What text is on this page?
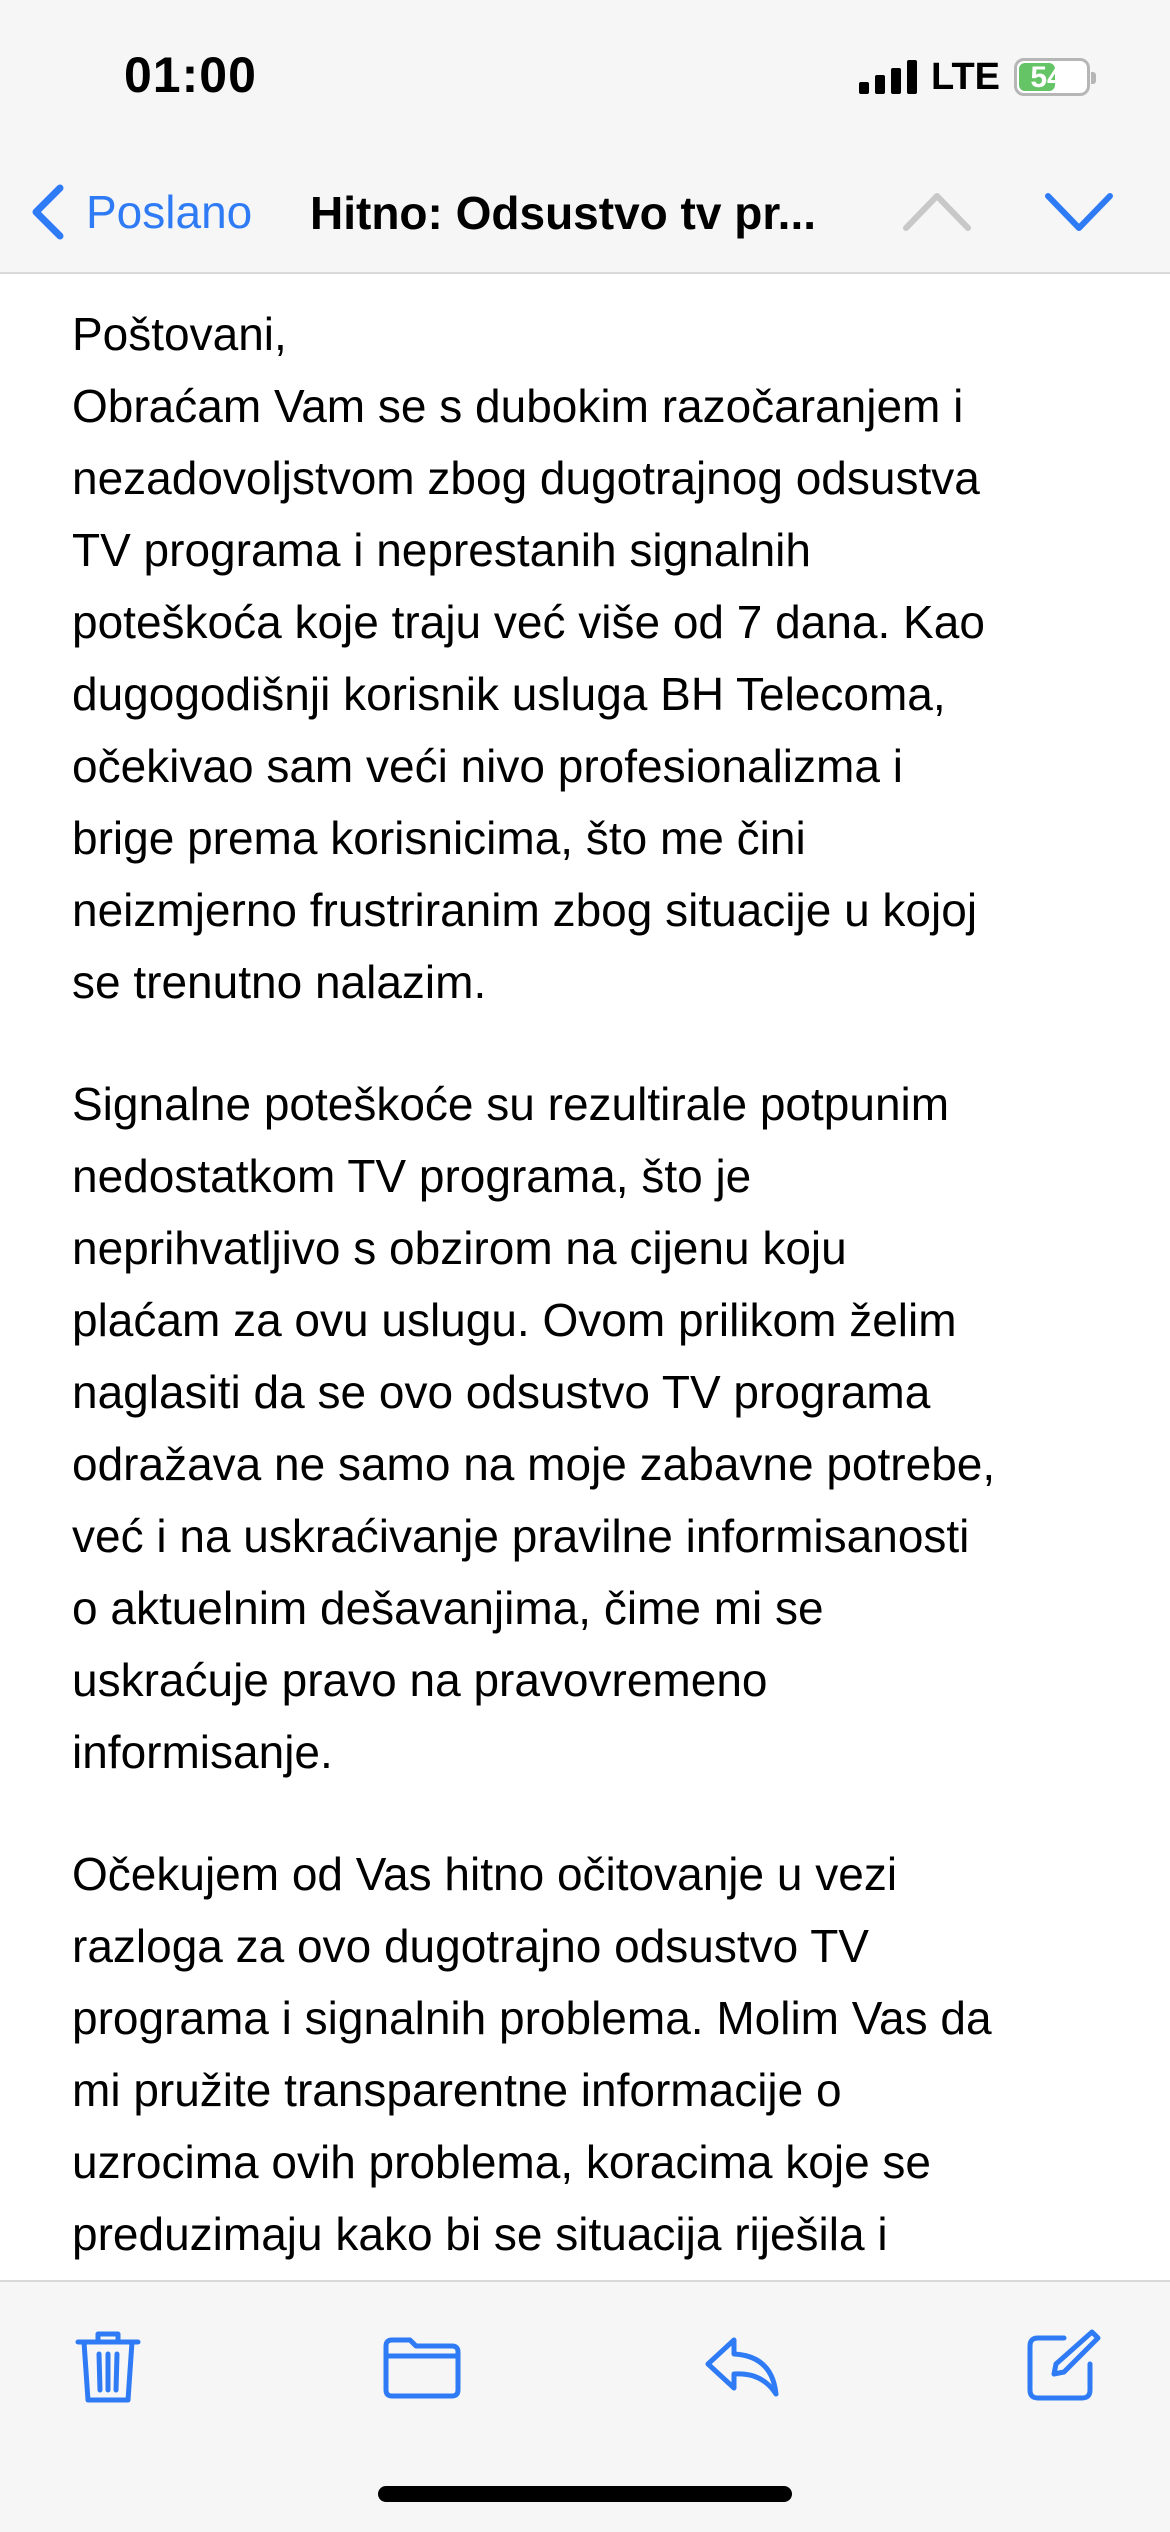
01:00	LTE	54 ⚡
Poslano Hitno: Odsustvo tv pr...

Poštovani,
Obraćam Vam se s dubokim razočaranjem i
nezadovoljstvom zbog dugotrajnog odsustva
TV programa i neprestanih signalnih
poteškoća koje traju već više od 7 dana. Kao
dugogodišnji korisnik usluga BH Telecoma,
očekivao sam veći nivo profesionalizma i
brige prema korisnicima, što me čini
neizmjerno frustriranim zbog situacije u kojoj
se trenutno nalazim.

Signalne poteškoće su rezultirale potpunim
nedostatkom TV programa, što je
neprihvatljivo s obzirom na cijenu koju
plaćam za ovu uslugu. Ovom prilikom želim
naglasiti da se ovo odsustvo TV programa
odražava ne samo na moje zabavne potrebe,
već i na uskraćivanje pravilne informisanosti
o aktuelnim dešavanjima, čime mi se
uskraćuje pravo na pravovremeno
informisanje.

Očekujem od Vas hitno očitovanje u vezi
razloga za ovo dugotrajno odsustvo TV
programa i signalnih problema. Molim Vas da
mi pružite transparentne informacije o
uzrocima ovih problema, koracima koje se
preduzimaju kako bi se situacija riješila i
